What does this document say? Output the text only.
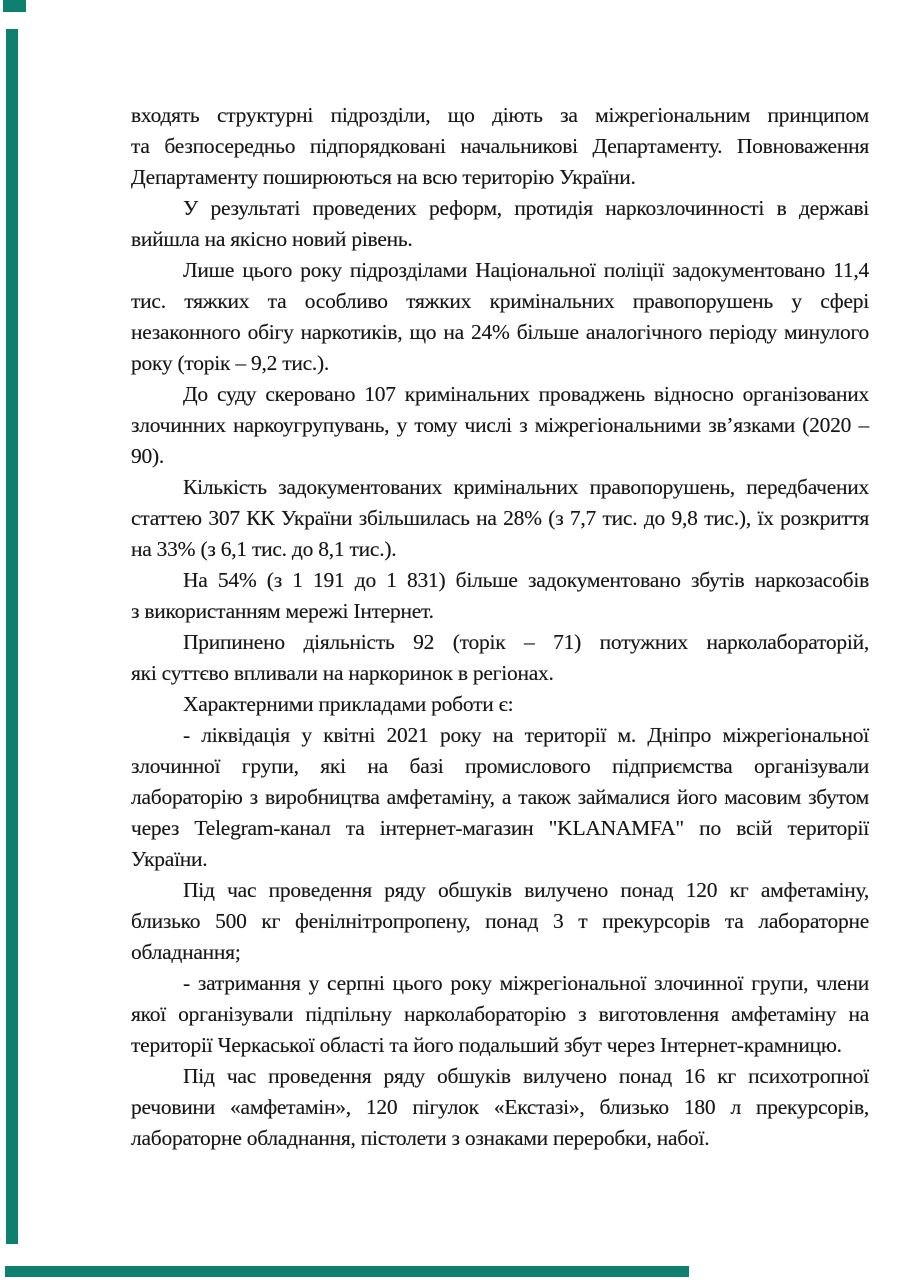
входять структурні підрозділи, що діють за міжрегіональним принципом
та безпосередньо підпорядковані начальникові Департаменту. Повноваження
Департаменту поширюються на всю територію України.
У результаті проведених реформ, протидія наркозлочинності в державі
вийшла на якісно новий рівень.
Лише цього року підрозділами Національної поліції задокументовано 11,4
тис. тяжких та особливо тяжких кримінальних правопорушень у сфері
незаконного обігу наркотиків, що на 24% більше аналогічного періоду минулого
року (торік – 9,2 тис.).
До суду скеровано 107 кримінальних проваджень відносно організованих
злочинних наркоугрупувань, у тому числі з міжрегіональними зв’язками (2020 –
90).
Кількість задокументованих кримінальних правопорушень, передбачених
статтею 307 КК України збільшилась на 28% (з 7,7 тис. до 9,8 тис.), їх розкриття
на 33% (з 6,1 тис. до 8,1 тис.).
На 54% (з 1 191 до 1 831) більше задокументовано збутів наркозасобів
з використанням мережі Інтернет.
Припинено діяльність 92 (торік – 71) потужних нарколабораторій,
які суттєво впливали на наркоринок в регіонах.
Характерними прикладами роботи є:
- ліквідація у квітні 2021 року на території м. Дніпро міжрегіональної
злочинної групи, які на базі промислового підприємства організували
лабораторію з виробництва амфетаміну, а також займалися його масовим збутом
через Telegram-канал та інтернет-магазин "KLANAMFA" по всій території
України.
Під час проведення ряду обшуків вилучено понад 120 кг амфетаміну,
близько 500 кг фенілнітропропену, понад 3 т прекурсорів та лабораторне
обладнання;
- затримання у серпні цього року міжрегіональної злочинної групи, члени
якої організували підпільну нарколабораторію з виготовлення амфетаміну на
території Черкаської області та його подальший збут через Інтернет-крамницю.
Під час проведення ряду обшуків вилучено понад 16 кг психотропної
речовини «амфетамін», 120 пігулок «Екстазі», близько 180 л прекурсорів,
лабораторне обладнання, пістолети з ознаками переробки, набої.
